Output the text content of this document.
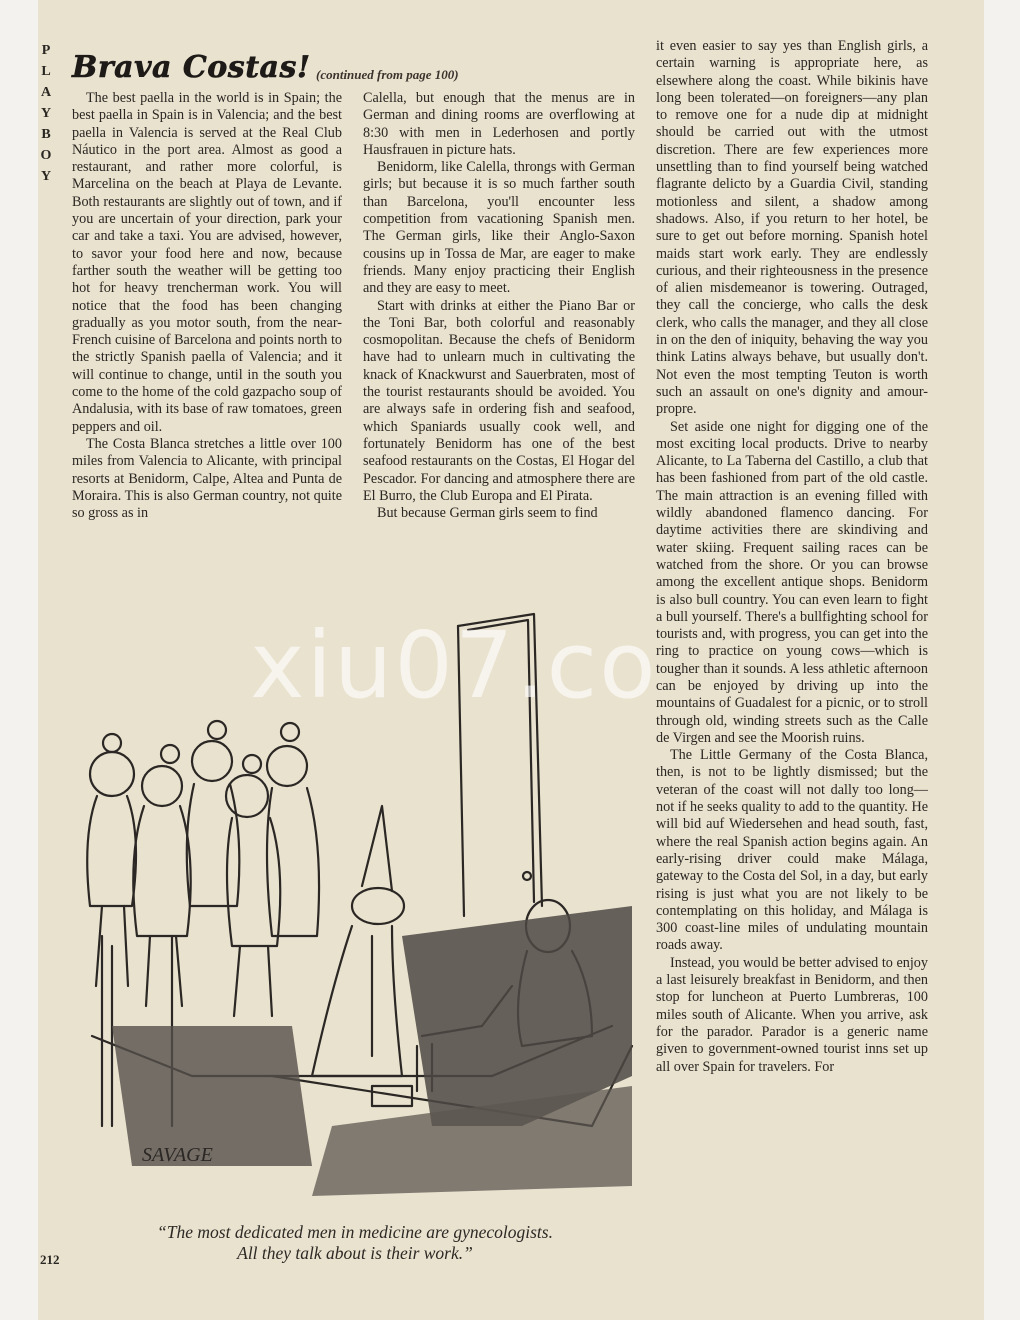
P
L
A
Y
B
O
Y
Brava Costas! (continued from page 100)

The best paella in the world is in Spain; the best paella in Spain is in Valencia; and the best paella in Valencia is served at the Real Club Náutico in the port area. Almost as good a restaurant, and rather more colorful, is Marcelina on the beach at Playa de Levante. Both restaurants are slightly out of town, and if you are uncertain of your direction, park your car and take a taxi. You are advised, however, to savor your food here and now, because farther south the weather will be getting too hot for heavy trencherman work. You will notice that the food has been changing gradually as you motor south, from the near-French cuisine of Barcelona and points north to the strictly Spanish paella of Valencia; and it will continue to change, until in the south you come to the home of the cold gazpacho soup of Andalusia, with its base of raw tomatoes, green peppers and oil.

The Costa Blanca stretches a little over 100 miles from Valencia to Alicante, with principal resorts at Benidorm, Calpe, Altea and Punta de Moraira. This is also German country, not quite so gross as in

Calella, but enough that the menus are in German and dining rooms are overflowing at 8:30 with men in Lederhosen and portly Hausfrauen in picture hats.

Benidorm, like Calella, throngs with German girls; but because it is so much farther south than Barcelona, you'll encounter less competition from vacationing Spanish men. The German girls, like their Anglo-Saxon cousins up in Tossa de Mar, are eager to make friends. Many enjoy practicing their English and they are easy to meet.

Start with drinks at either the Piano Bar or the Toni Bar, both colorful and reasonably cosmopolitan. Because the chefs of Benidorm have had to unlearn much in cultivating the knack of Knackwurst and Sauerbraten, most of the tourist restaurants should be avoided. You are always safe in ordering fish and seafood, which Spaniards usually cook well, and fortunately Benidorm has one of the best seafood restaurants on the Costas, El Hogar del Pescador. For dancing and atmosphere there are El Burro, the Club Europa and El Pirata.

But because German girls seem to find

it even easier to say yes than English girls, a certain warning is appropriate here, as elsewhere along the coast. While bikinis have long been tolerated—on foreigners—any plan to remove one for a nude dip at midnight should be carried out with the utmost discretion. There are few experiences more unsettling than to find yourself being watched flagrante delicto by a Guardia Civil, standing motionless and silent, a shadow among shadows. Also, if you return to her hotel, be sure to get out before morning. Spanish hotel maids start work early. They are endlessly curious, and their righteousness in the presence of alien misdemeanor is towering. Outraged, they call the concierge, who calls the desk clerk, who calls the manager, and they all close in on the den of iniquity, behaving the way you think Latins always behave, but usually don't. Not even the most tempting Teuton is worth such an assault on one's dignity and amour-propre.

Set aside one night for digging one of the most exciting local products. Drive to nearby Alicante, to La Taberna del Castillo, a club that has been fashioned from part of the old castle. The main attraction is an evening filled with wildly abandoned flamenco dancing. For daytime activities there are skindiving and water skiing. Frequent sailing races can be watched from the shore. Or you can browse among the excellent antique shops. Benidorm is also bull country. You can even learn to fight a bull yourself. There's a bullfighting school for tourists and, with progress, you can get into the ring to practice on young cows—which is tougher than it sounds. A less athletic afternoon can be enjoyed by driving up into the mountains of Guadalest for a picnic, or to stroll through old, winding streets such as the Calle de Virgen and see the Moorish ruins.

The Little Germany of the Costa Blanca, then, is not to be lightly dismissed; but the veteran of the coast will not dally too long—not if he seeks quality to add to the quantity. He will bid auf Wiedersehen and head south, fast, where the real Spanish action begins again. An early-rising driver could make Málaga, gateway to the Costa del Sol, in a day, but early rising is just what you are not likely to be contemplating on this holiday, and Málaga is 300 coast-line miles of undulating mountain roads away.

Instead, you would be better advised to enjoy a last leisurely breakfast in Benidorm, and then stop for luncheon at Puerto Lumbreras, 100 miles south of Alicante. When you arrive, ask for the parador. Parador is a generic name given to government-owned tourist inns set up all over Spain for travelers. For

SAVAGE
xiu07.co
“The most dedicated men in medicine are gynecologists.
All they talk about is their work.”
212
